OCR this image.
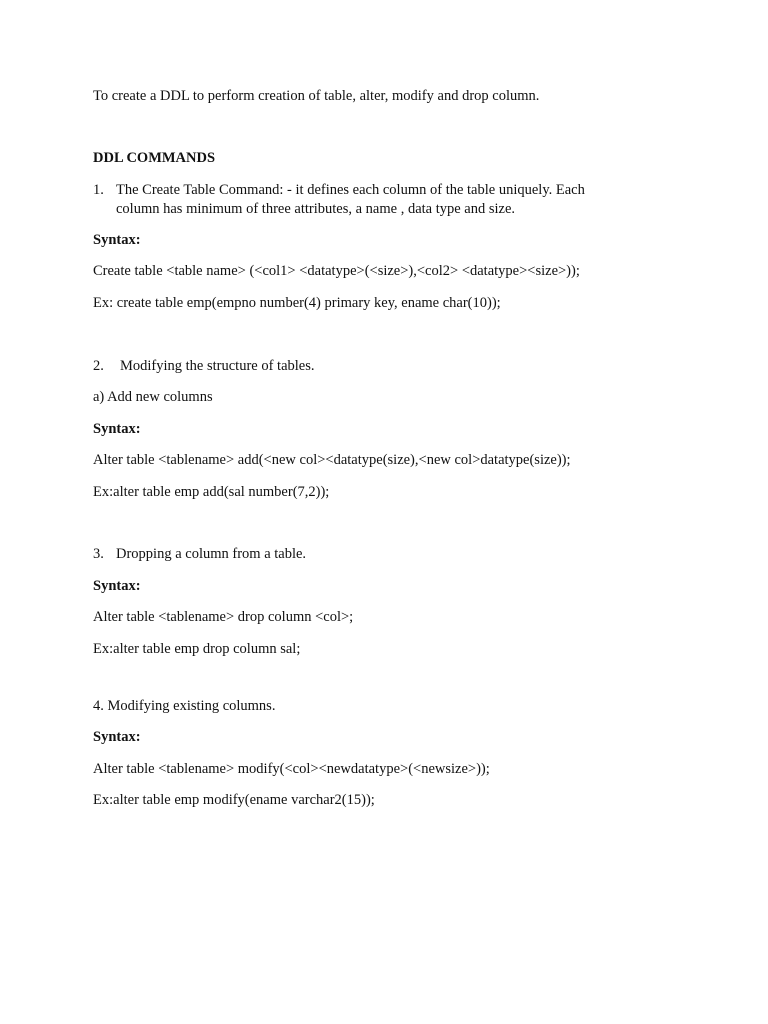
To create a DDL to perform creation of table, alter, modify and drop column.
DDL COMMANDS
1. The Create Table Command: - it defines each column of the table uniquely. Each
column has minimum of three attributes, a name , data type and size.
Syntax:
Create table <table name> (<col1> <datatype>(<size>),<col2> <datatype><size>));
Ex: create table emp(empno number(4) primary key, ename char(10));
2. Modifying the structure of tables.
a) Add new columns
Syntax:
Alter table <tablename> add(<new col><datatype(size),<new col>datatype(size));
Ex:alter table emp add(sal number(7,2));
3. Dropping a column from a table.
Syntax:
Alter table <tablename> drop column <col>;
Ex:alter table emp drop column sal;
4. Modifying existing columns.
Syntax:
Alter table <tablename> modify(<col><newdatatype>(<newsize>));
Ex:alter table emp modify(ename varchar2(15));
